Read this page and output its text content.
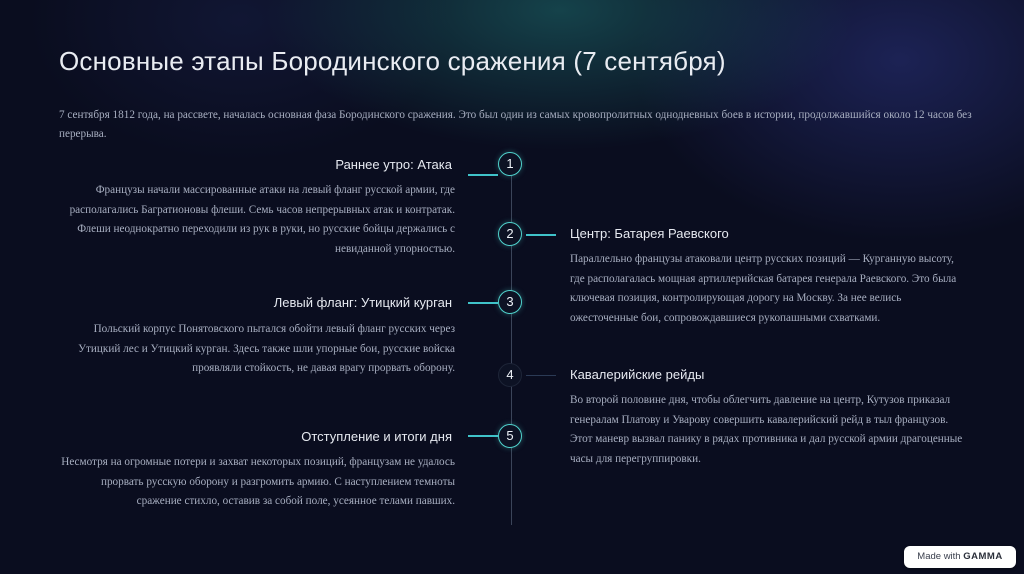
Основные этапы Бородинского сражения (7 сентября)
7 сентября 1812 года, на рассвете, началась основная фаза Бородинского сражения. Это был один из самых кровопролитных однодневных боев в истории, продолжавшийся около 12 часов без перерыва.
1
Раннее утро: Атака
Французы начали массированные атаки на левый фланг русской армии, где располагались Багратионовы флеши. Семь часов непрерывных атак и контратак. Флеши неоднократно переходили из рук в руки, но русские бойцы держались с невиданной упорностью.
2	Центр: Батарея Раевского
Параллельно французы атаковали центр русских позиций — Курганную высоту, где располагалась мощная артиллерийская батарея генерала Раевского. Это была ключевая позиция, контролирующая дорогу на Москву. За нее велись ожесточенные бои, сопровождавшиеся рукопашными схватками.
3
Левый фланг: Утицкий курган
Польский корпус Понятовского пытался обойти левый фланг русских через Утицкий лес и Утицкий курган. Здесь также шли упорные бои, русские войска проявляли стойкость, не давая врагу прорвать оборону.	4	Кавалерийские рейды
Во второй половине дня, чтобы облегчить давление на центр, Кутузов приказал генералам Платову и Уварову совершить кавалерийский рейд в тыл французов. Этот маневр вызвал панику в рядах противника и дал русской армии драгоценные часы для перегруппировки.
5
Отступление и итоги дня
Несмотря на огромные потери и захват некоторых позиций, французам не удалось прорвать русскую оборону и разгромить армию. С наступлением темноты сражение стихло, оставив за собой поле, усеянное телами павших.
Made with GAMMA
